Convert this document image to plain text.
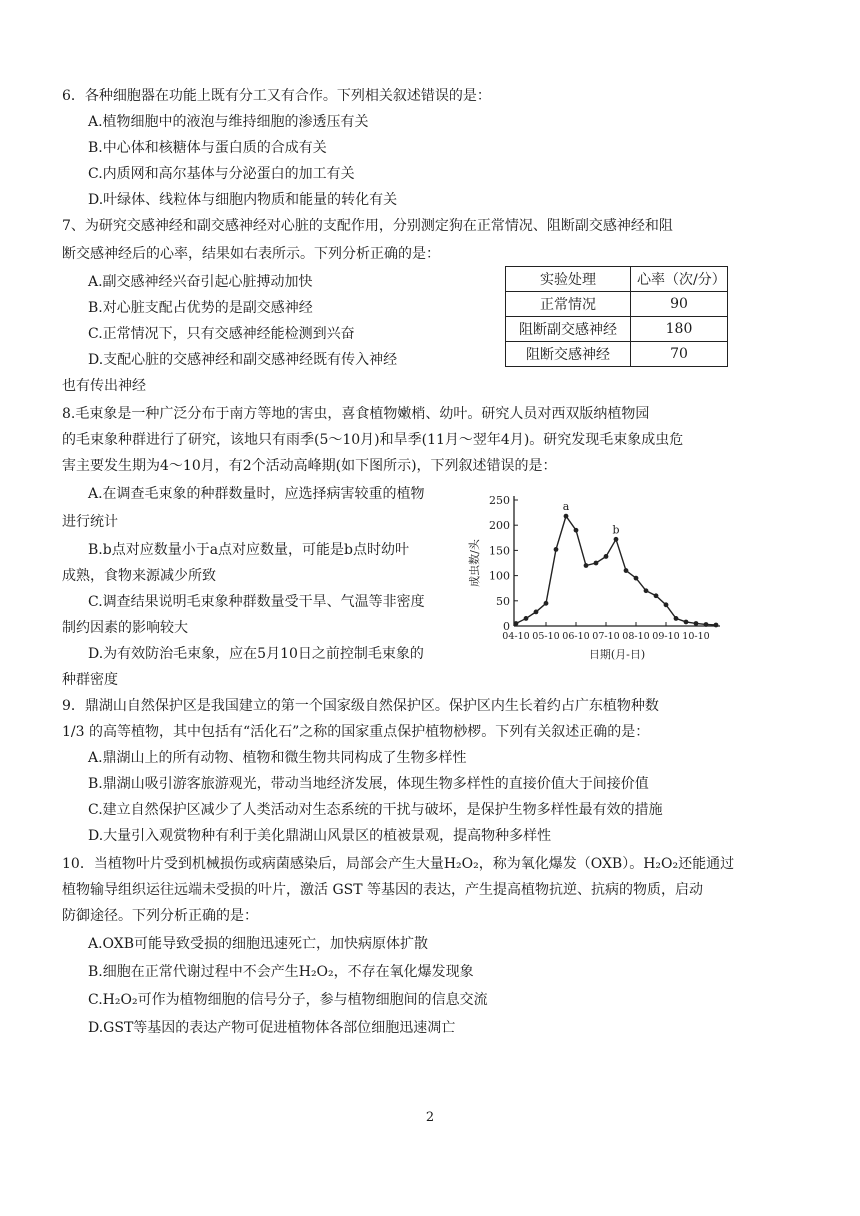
6．各种细胞器在功能上既有分工又有合作。下列相关叙述错误的是：
A.植物细胞中的液泡与维持细胞的渗透压有关
B.中心体和核糖体与蛋白质的合成有关
C.内质网和高尔基体与分泌蛋白的加工有关
D.叶绿体、线粒体与细胞内物质和能量的转化有关
7、为研究交感神经和副交感神经对心脏的支配作用，分别测定狗在正常情况、阻断副交感神经和阻
断交感神经后的心率，结果如右表所示。下列分析正确的是：
A.副交感神经兴奋引起心脏搏动加快
B.对心脏支配占优势的是副交感神经
C.正常情况下，只有交感神经能检测到兴奋
D.支配心脏的交感神经和副交感神经既有传入神经
也有传出神经
实验处理	心率（次/分）
正常情况	90
阻断副交感神经	180
阻断交感神经	70
8.毛束象是一种广泛分布于南方等地的害虫，喜食植物嫩梢、幼叶。研究人员对西双版纳植物园
的毛束象种群进行了研究，该地只有雨季(5～10月)和旱季(11月～翌年4月)。研究发现毛束象成虫危
害主要发生期为4～10月，有2个活动高峰期(如下图所示)，下列叙述错误的是：
A.在调查毛束象的种群数量时，应选择病害较重的植物
进行统计
B.b点对应数量小于a点对应数量，可能是b点时幼叶
成熟，食物来源减少所致
C.调查结果说明毛束象种群数量受干旱、气温等非密度
制约因素的影响较大
D.为有效防治毛束象，应在5月10日之前控制毛束象的
种群密度
0
50
100
150
200
250
04-10 05-10 06-10 07-10 08-10 09-10 10-10
a
b
成虫数/头
日期(月-日)
9．鼎湖山自然保护区是我国建立的第一个国家级自然保护区。保护区内生长着约占广东植物种数
1/3 的高等植物，其中包括有“活化石”之称的国家重点保护植物桫椤。下列有关叙述正确的是：
A.鼎湖山上的所有动物、植物和微生物共同构成了生物多样性
B.鼎湖山吸引游客旅游观光，带动当地经济发展，体现生物多样性的直接价值大于间接价值
C.建立自然保护区减少了人类活动对生态系统的干扰与破坏，是保护生物多样性最有效的措施
D.大量引入观赏物种有利于美化鼎湖山风景区的植被景观，提高物种多样性
10．当植物叶片受到机械损伤或病菌感染后，局部会产生大量H₂O₂，称为氧化爆发（OXB）。H₂O₂还能通过
植物输导组织运往远端未受损的叶片，激活 GST 等基因的表达，产生提高植物抗逆、抗病的物质，启动
防御途径。下列分析正确的是：
A.OXB可能导致受损的细胞迅速死亡，加快病原体扩散
B.细胞在正常代谢过程中不会产生H₂O₂，不存在氧化爆发现象
C.H₂O₂可作为植物细胞的信号分子，参与植物细胞间的信息交流
D.GST等基因的表达产物可促进植物体各部位细胞迅速凋亡
2
